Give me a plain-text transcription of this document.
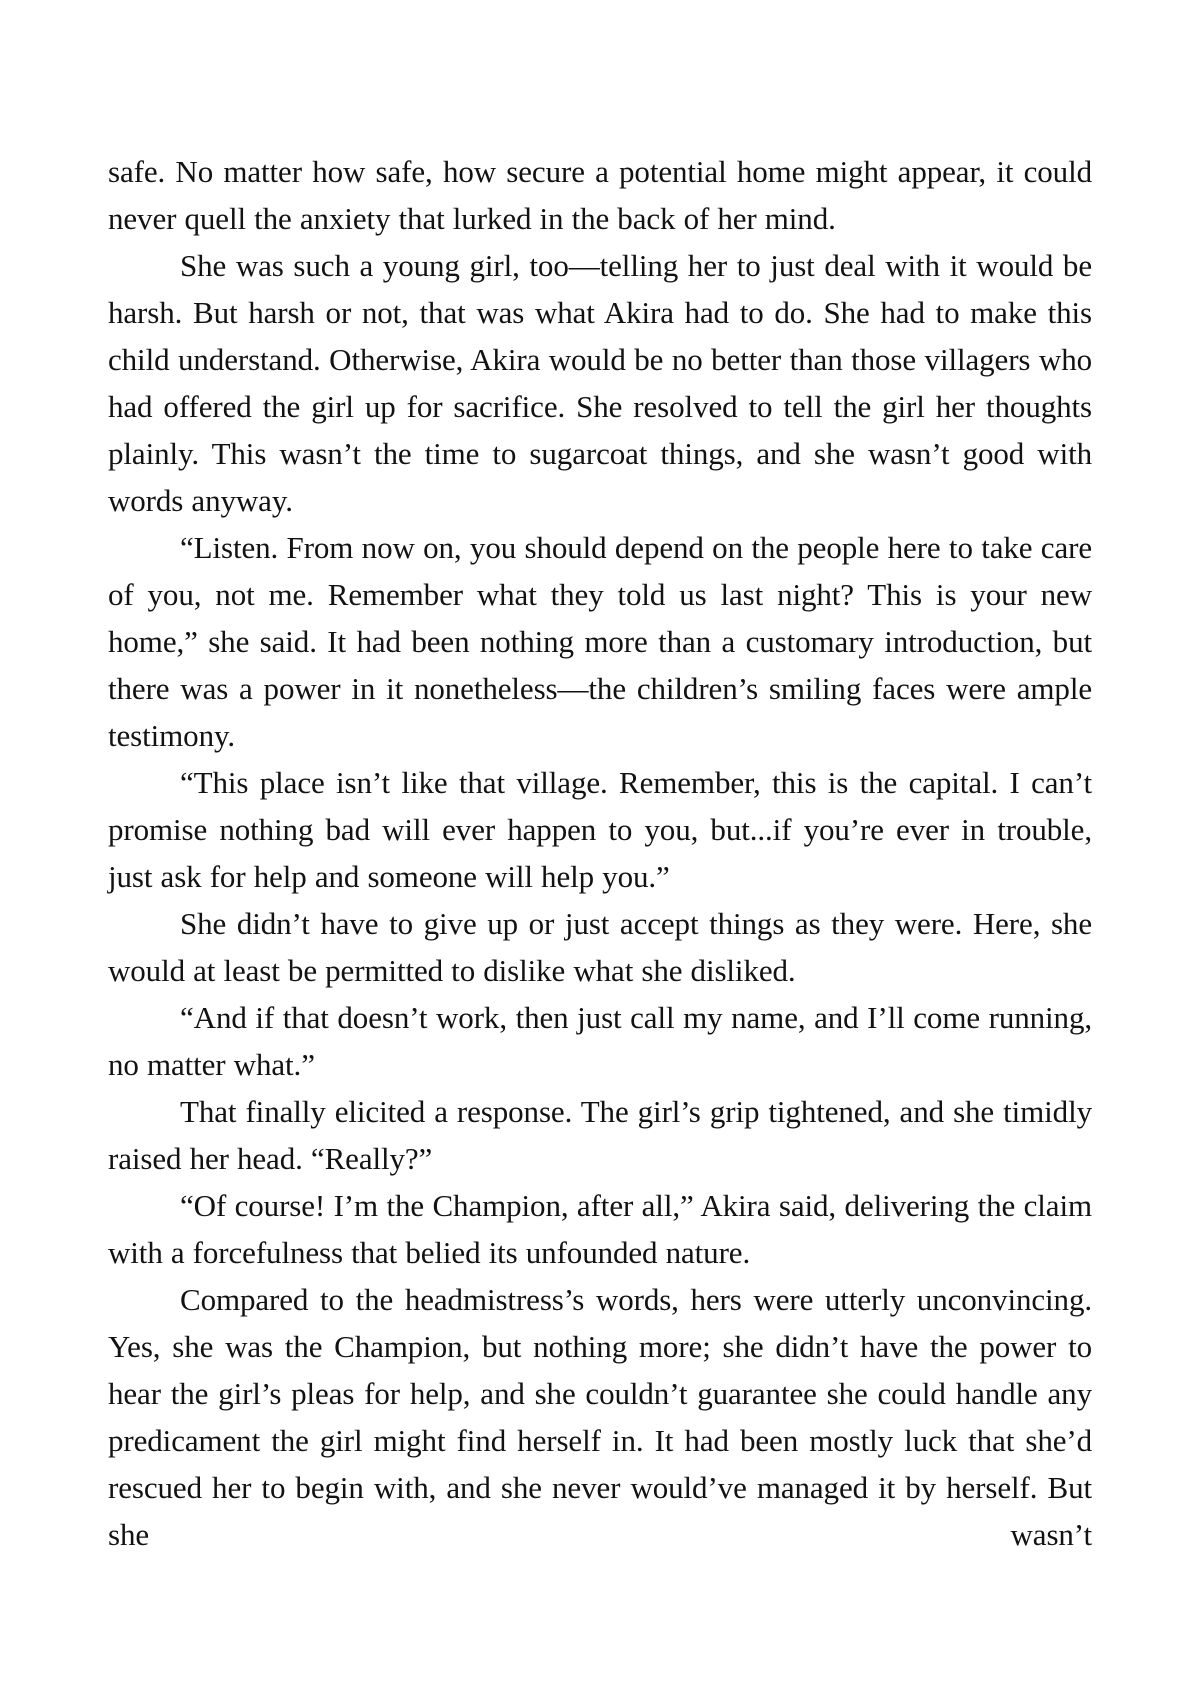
safe. No matter how safe, how secure a potential home might appear, it could never quell the anxiety that lurked in the back of her mind.

She was such a young girl, too—telling her to just deal with it would be harsh. But harsh or not, that was what Akira had to do. She had to make this child understand. Otherwise, Akira would be no better than those villagers who had offered the girl up for sacrifice. She resolved to tell the girl her thoughts plainly. This wasn’t the time to sugarcoat things, and she wasn’t good with words anyway.

“Listen. From now on, you should depend on the people here to take care of you, not me. Remember what they told us last night? This is your new home,” she said. It had been nothing more than a customary introduction, but there was a power in it nonetheless—the children’s smiling faces were ample testimony.

“This place isn’t like that village. Remember, this is the capital. I can’t promise nothing bad will ever happen to you, but...if you’re ever in trouble, just ask for help and someone will help you.”

She didn’t have to give up or just accept things as they were. Here, she would at least be permitted to dislike what she disliked.

“And if that doesn’t work, then just call my name, and I’ll come running, no matter what.”

That finally elicited a response. The girl’s grip tightened, and she timidly raised her head. “Really?”

“Of course! I’m the Champion, after all,” Akira said, delivering the claim with a forcefulness that belied its unfounded nature.

Compared to the headmistress’s words, hers were utterly unconvincing. Yes, she was the Champion, but nothing more; she didn’t have the power to hear the girl’s pleas for help, and she couldn’t guarantee she could handle any predicament the girl might find herself in. It had been mostly luck that she’d rescued her to begin with, and she never would’ve managed it by herself. But she wasn’t
